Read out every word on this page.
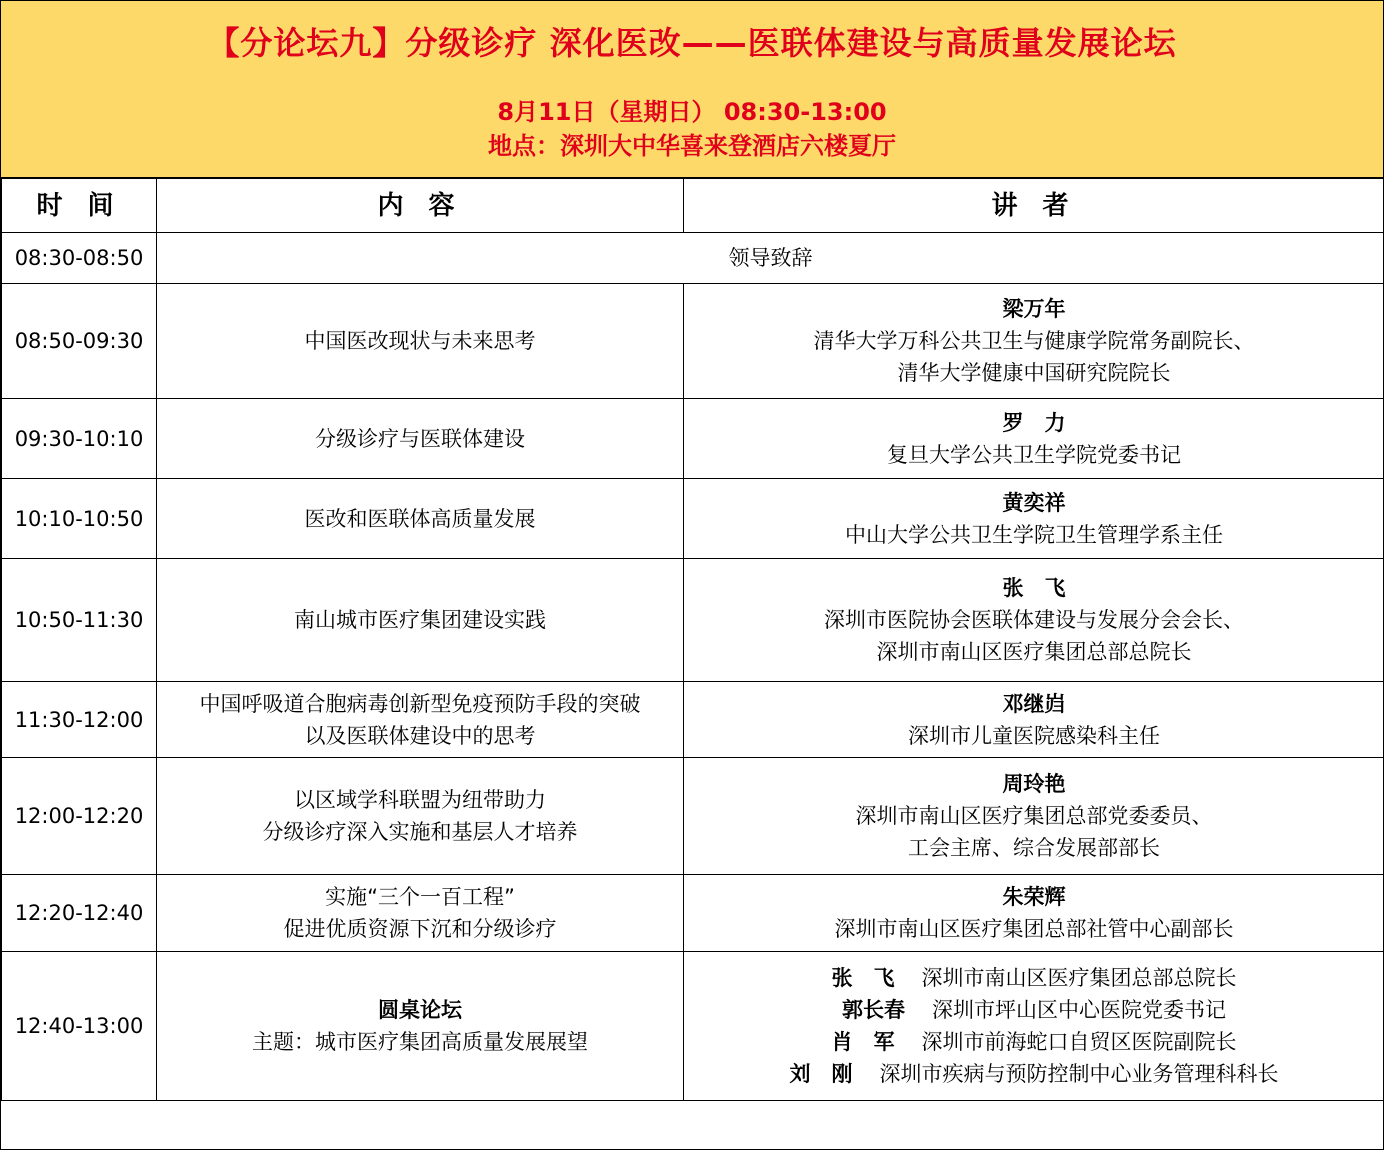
【分论坛九】分级诊疗 深化医改——医联体建设与高质量发展论坛
8月11日（星期日） 08:30-13:00
地点：深圳大中华喜来登酒店六楼夏厅
时 间	内 容	讲 者
08:30-08:50	领导致辞	
08:50-09:30	中国医改现状与未来思考	梁万年
清华大学万科公共卫生与健康学院常务副院长、
清华大学健康中国研究院院长

09:30-10:10	分级诊疗与医联体建设	罗　力
复旦大学公共卫生学院党委书记

10:10-10:50	医改和医联体高质量发展	黄奕祥
中山大学公共卫生学院卫生管理学系主任

10:50-11:30	南山城市医疗集团建设实践	张　飞
深圳市医院协会医联体建设与发展分会会长、
深圳市南山区医疗集团总部总院长

11:30-12:00	中国呼吸道合胞病毒创新型免疫预防手段的突破
以及医联体建设中的思考	邓继岿
深圳市儿童医院感染科主任

12:00-12:20	以区域学科联盟为纽带助力
分级诊疗深入实施和基层人才培养	周玲艳
深圳市南山区医疗集团总部党委委员、
工会主席、综合发展部部长

12:20-12:40	实施“三个一百工程”
促进优质资源下沉和分级诊疗	朱荣辉
深圳市南山区医疗集团总部社管中心副部长

12:40-13:00	圆桌论坛
主题：城市医疗集团高质量发展展望	张　飞 深圳市南山区医疗集团总部总院长
郭长春 深圳市坪山区中心医院党委书记
肖　军 深圳市前海蛇口自贸区医院副院长
刘　刚 深圳市疾病与预防控制中心业务管理科科长
